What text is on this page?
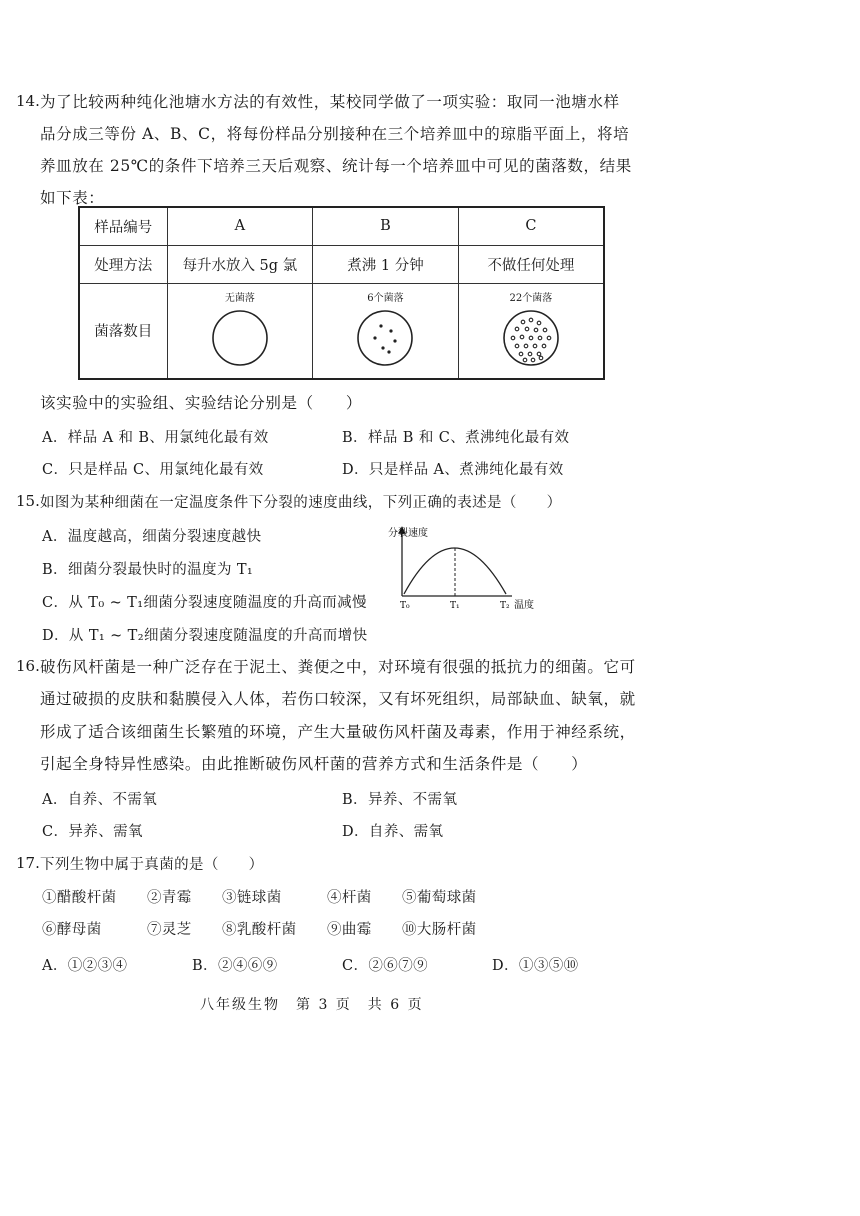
14. 为了比较两种纯化池塘水方法的有效性，某校同学做了一项实验：取同一池塘水样
品分成三等份 A、B、C，将每份样品分别接种在三个培养皿中的琼脂平面上，将培
养皿放在 25℃的条件下培养三天后观察、统计每一个培养皿中可见的菌落数，结果
如下表：
样品编号	A	B	C
处理方法	每升水放入 5g 氯	煮沸 1 分钟	不做任何处理
菌落数目	无菌落	6个菌落	22个菌落
该实验中的实验组、实验结论分别是（　　）
A．样品 A 和 B、用氯纯化最有效	B．样品 B 和 C、煮沸纯化最有效
C．只是样品 C、用氯纯化最有效	D．只是样品 A、煮沸纯化最有效
15. 如图为某种细菌在一定温度条件下分裂的速度曲线，下列正确的表述是（　　）
A．温度越高，细菌分裂速度越快
B．细菌分裂最快时的温度为 T₁
C．从 T₀ ~ T₁细菌分裂速度随温度的升高而减慢
D．从 T₁ ~ T₂细菌分裂速度随温度的升高而增快
分裂速度
T₀	T₁	T₂ 温度
16. 破伤风杆菌是一种广泛存在于泥土、粪便之中，对环境有很强的抵抗力的细菌。它可
通过破损的皮肤和黏膜侵入人体，若伤口较深，又有坏死组织，局部缺血、缺氧，就
形成了适合该细菌生长繁殖的环境，产生大量破伤风杆菌及毒素，作用于神经系统，
引起全身特异性感染。由此推断破伤风杆菌的营养方式和生活条件是（　　）
A．自养、不需氧	B．异养、不需氧
C．异养、需氧	D．自养、需氧
17. 下列生物中属于真菌的是（　　）
①醋酸杆菌 ②青霉 ③链球菌	④杆菌 ⑤葡萄球菌
⑥酵母菌	⑦灵芝 ⑧乳酸杆菌 ⑨曲霉 ⑩大肠杆菌
A．①②③④	B．②④⑥⑨	C．②⑥⑦⑨	D．①③⑤⑩
八年级生物　第 3 页　共 6 页
